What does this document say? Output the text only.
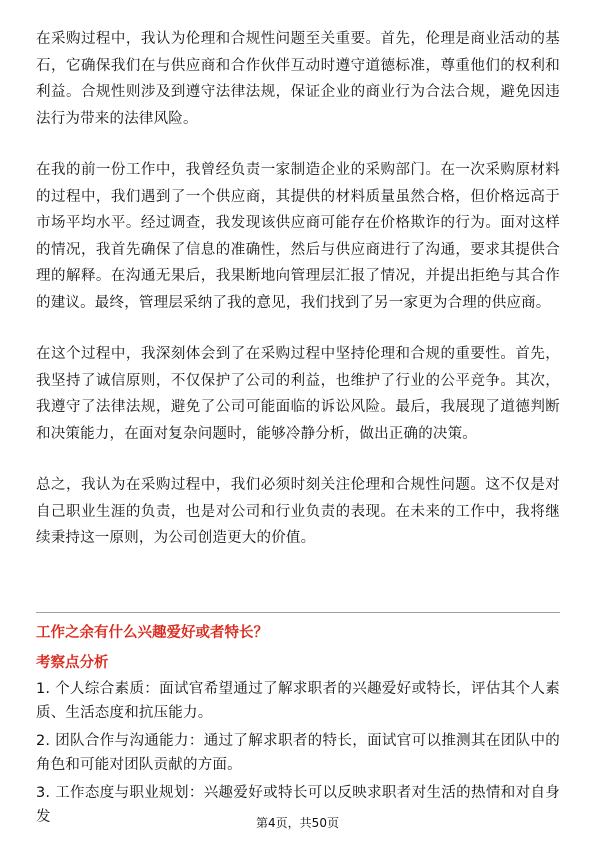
在采购过程中，我认为伦理和合规性问题至关重要。首先，伦理是商业活动的基石，它确保我们在与供应商和合作伙伴互动时遵守道德标准，尊重他们的权利和利益。合规性则涉及到遵守法律法规，保证企业的商业行为合法合规，避免因违法行为带来的法律风险。

在我的前一份工作中，我曾经负责一家制造企业的采购部门。在一次采购原材料的过程中，我们遇到了一个供应商，其提供的材料质量虽然合格，但价格远高于市场平均水平。经过调查，我发现该供应商可能存在价格欺诈的行为。面对这样的情况，我首先确保了信息的准确性，然后与供应商进行了沟通，要求其提供合理的解释。在沟通无果后，我果断地向管理层汇报了情况，并提出拒绝与其合作的建议。最终，管理层采纳了我的意见，我们找到了另一家更为合理的供应商。

在这个过程中，我深刻体会到了在采购过程中坚持伦理和合规的重要性。首先，我坚持了诚信原则，不仅保护了公司的利益，也维护了行业的公平竞争。其次，我遵守了法律法规，避免了公司可能面临的诉讼风险。最后，我展现了道德判断和决策能力，在面对复杂问题时，能够冷静分析，做出正确的决策。

总之，我认为在采购过程中，我们必须时刻关注伦理和合规性问题。这不仅是对自己职业生涯的负责，也是对公司和行业负责的表现。在未来的工作中，我将继续秉持这一原则，为公司创造更大的价值。

工作之余有什么兴趣爱好或者特长？
考察点分析
1. 个人综合素质：面试官希望通过了解求职者的兴趣爱好或特长，评估其个人素质、生活态度和抗压能力。
2. 团队合作与沟通能力：通过了解求职者的特长，面试官可以推测其在团队中的角色和可能对团队贡献的方面。
3. 工作态度与职业规划：兴趣爱好或特长可以反映求职者对生活的热情和对自身发	第4页，共50页
